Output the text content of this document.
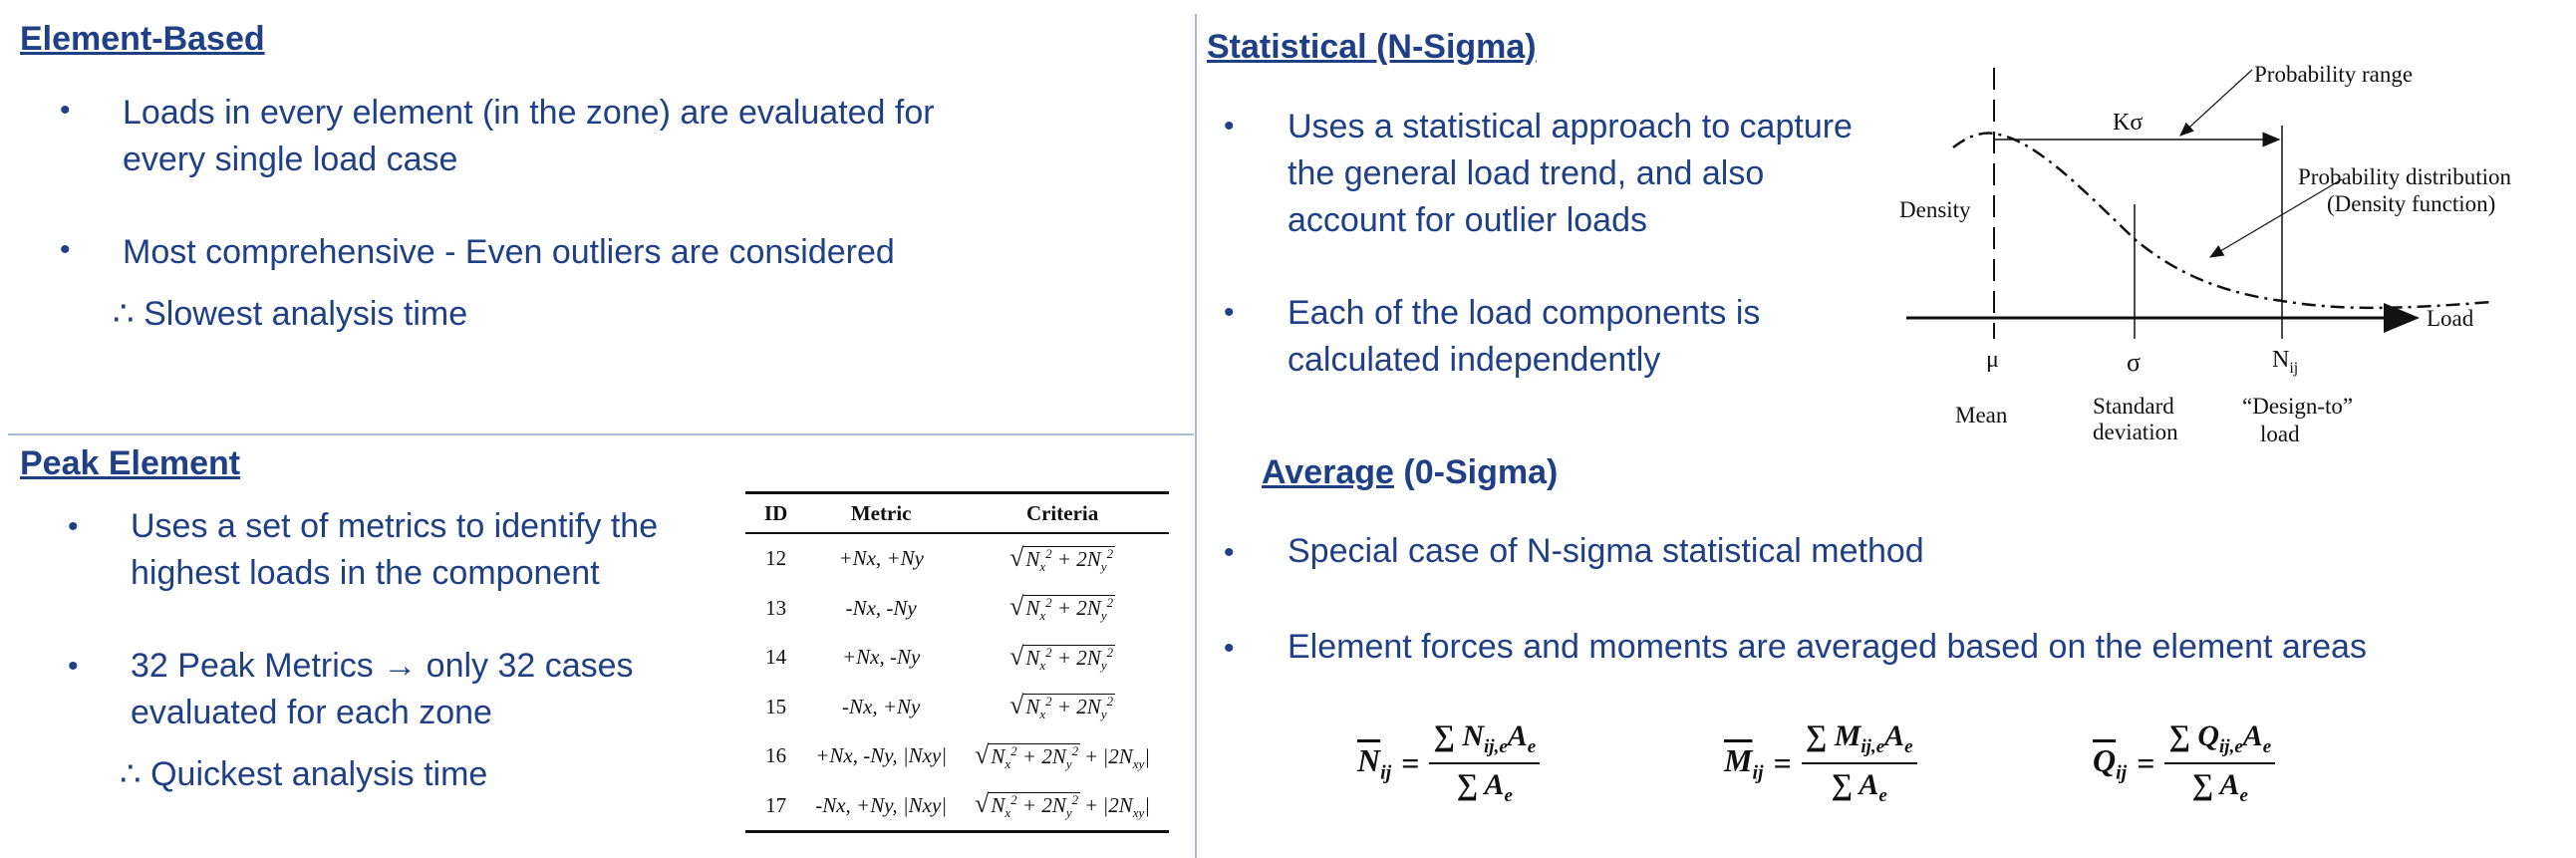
Element-Based
• Loads in every element (in the zone) are evaluated for every single load case
• Most comprehensive - Even outliers are considered
∴ Slowest analysis time
Peak Element
• Uses a set of metrics to identify the highest loads in the component
• 32 Peak Metrics → only 32 cases evaluated for each zone
∴ Quickest analysis time
ID	Metric	Criteria
12	+Nx, +Ny	$√N_x^2 + 2N_y^2$
13	-Nx, -Ny	$√N_x^2 + 2N_y^2$
14	+Nx, -Ny	$√N_x^2 + 2N_y^2$
15	-Nx, +Ny	$√N_x^2 + 2N_y^2$
16	+Nx, -Ny, |Nxy|	$√N_x^2 + 2N_y^2 + |2N_{xy}|$
17	-Nx, +Ny, |Nxy|	$√N_x^2 + 2N_y^2 + |2N_{xy}|$
Statistical (N-Sigma)
• Uses a statistical approach to capture the general load trend, and also account for outlier loads
• Each of the load components is calculated independently
Probability range
Kσ
Probability distribution
(Density function)
Density
Load
μ	σ	$N_{ij}$
Mean	Standard
deviation
“Design-to”
load
Average (0-Sigma)
• Special case of N-sigma statistical method
• Element forces and moments are averaged based on the element areas
$\overline{N}_{ij}$ =
∑ $N_{ij,e}A_e$
∑ $A_e$
$\overline{M}_{ij}$ =
∑ $M_{ij,e}A_e$
∑ $A_e$
$\overline{Q}_{ij}$ =
∑ $Q_{ij,e}A_e$
∑ $A_e$
